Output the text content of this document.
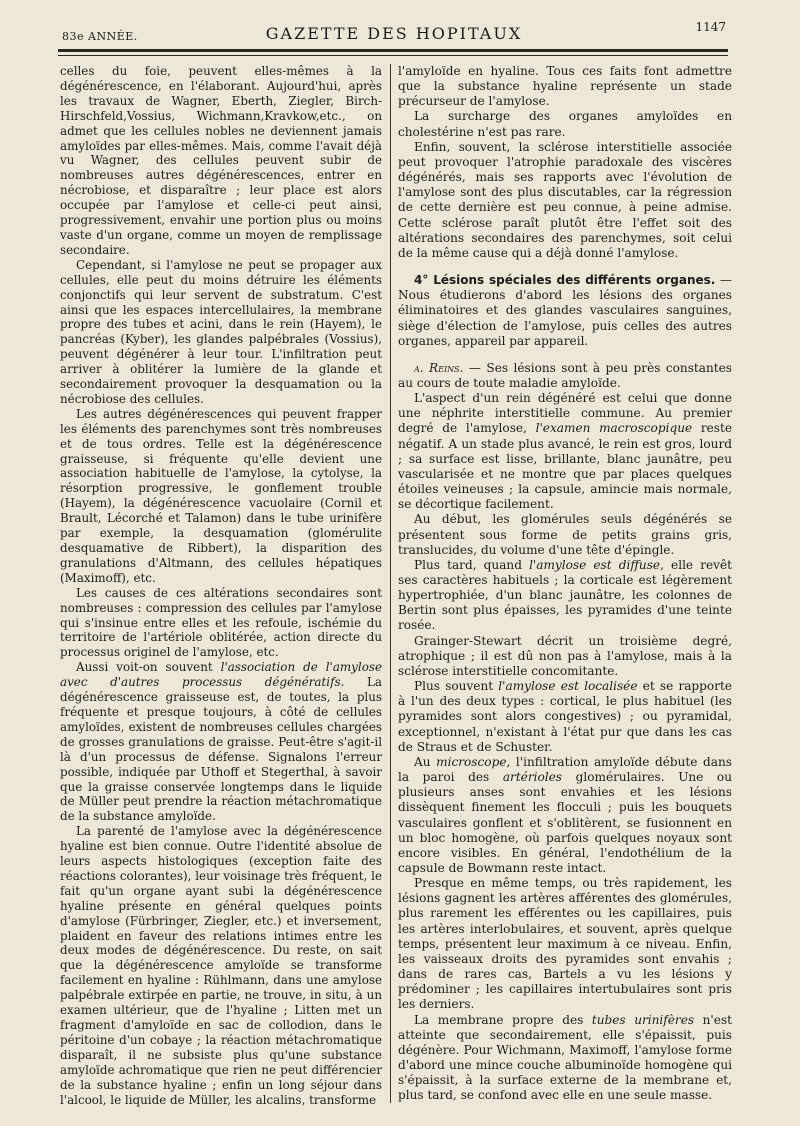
83e ANNÉE.	GAZETTE DES HOPITAUX	1147

celles du foie, peuvent elles-mêmes à la dégénérescence, en l'élaborant. Aujourd'hui, après les travaux de Wagner, Eberth, Ziegler, Birch-Hirschfeld,Vossius, Wichmann,Kravkow,etc., on admet que les cellules nobles ne deviennent jamais amyloïdes par elles-mêmes. Mais, comme l'avait déjà vu Wagner, des cellules peuvent subir de nombreuses autres dégénérescences, entrer en nécrobiose, et disparaître ; leur place est alors occupée par l'amylose et celle-ci peut ainsi, progressivement, envahir une portion plus ou moins vaste d'un organe, comme un moyen de remplissage secondaire.

Cependant, si l'amylose ne peut se propager aux cellules, elle peut du moins détruire les éléments conjonctifs qui leur servent de substratum. C'est ainsi que les espaces intercellulaires, la membrane propre des tubes et acini, dans le rein (Hayem), le pancréas (Kyber), les glandes palpébrales (Vossius), peuvent dégénérer à leur tour. L'infiltration peut arriver à oblitérer la lumière de la glande et secondairement provoquer la desquamation ou la nécrobiose des cellules.

Les autres dégénérescences qui peuvent frapper les éléments des parenchymes sont très nombreuses et de tous ordres. Telle est la dégénérescence graisseuse, si fréquente qu'elle devient une association habituelle de l'amylose, la cytolyse, la résorption progressive, le gonflement trouble (Hayem), la dégénérescence vacuolaire (Cornil et Brault, Lécorché et Talamon) dans le tube urinifère par exemple, la desquamation (glomérulite desquamative de Ribbert), la disparition des granulations d'Altmann, des cellules hépatiques (Maximoff), etc.

Les causes de ces altérations secondaires sont nombreuses : compression des cellules par l'amylose qui s'insinue entre elles et les refoule, ischémie du territoire de l'artériole oblitérée, action directe du processus originel de l'amylose, etc.

Aussi voit-on souvent l'association de l'amylose avec d'autres processus dégénératifs. La dégénérescence graisseuse est, de toutes, la plus fréquente et presque toujours, à côté de cellules amyloïdes, existent de nombreuses cellules chargées de grosses granulations de graisse. Peut-être s'agit-il là d'un processus de défense. Signalons l'erreur possible, indiquée par Uthoff et Stegerthal, à savoir que la graisse conservée longtemps dans le liquide de Müller peut prendre la réaction métachromatique de la substance amyloïde.

La parenté de l'amylose avec la dégénérescence hyaline est bien connue. Outre l'identité absolue de leurs aspects histologiques (exception faite des réactions colorantes), leur voisinage très fréquent, le fait qu'un organe ayant subi la dégénérescence hyaline présente en général quelques points d'amylose (Fürbringer, Ziegler, etc.) et inversement, plaident en faveur des relations intimes entre les deux modes de dégénérescence. Du reste, on sait que la dégénérescence amyloïde se transforme facilement en hyaline : Rühlmann, dans une amylose palpébrale extirpée en partie, ne trouve, in situ, à un examen ultérieur, que de l'hyaline ; Litten met un fragment d'amyloïde en sac de collodion, dans le péritoine d'un cobaye ; la réaction métachromatique disparaît, il ne subsiste plus qu'une substance amyloïde achromatique que rien ne peut différencier de la substance hyaline ; enfin un long séjour dans l'alcool, le liquide de Müller, les alcalins, transforme

l'amyloïde en hyaline. Tous ces faits font admettre que la substance hyaline représente un stade précurseur de l'amylose.

La surcharge des organes amyloïdes en cholestérine n'est pas rare.

Enfin, souvent, la sclérose interstitielle associée peut provoquer l'atrophie paradoxale des viscères dégénérés, mais ses rapports avec l'évolution de l'amylose sont des plus discutables, car la régression de cette dernière est peu connue, à peine admise. Cette sclérose paraît plutôt être l'effet soit des altérations secondaires des parenchymes, soit celui de la même cause qui a déjà donné l'amylose.

4° Lésions spéciales des différents organes. — Nous étudierons d'abord les lésions des organes éliminatoires et des glandes vasculaires sanguines, siège d'élection de l'amylose, puis celles des autres organes, appareil par appareil.

a. Reins. — Ses lésions sont à peu près constantes au cours de toute maladie amyloïde.

L'aspect d'un rein dégénéré est celui que donne une néphrite interstitielle commune. Au premier degré de l'amylose, l'examen macroscopique reste négatif. A un stade plus avancé, le rein est gros, lourd ; sa surface est lisse, brillante, blanc jaunâtre, peu vascularisée et ne montre que par places quelques étoiles veineuses ; la capsule, amincie mais normale, se décortique facilement.

Au début, les glomérules seuls dégénérés se présentent sous forme de petits grains gris, translucides, du volume d'une tête d'épingle.

Plus tard, quand l'amylose est diffuse, elle revêt ses caractères habituels ; la corticale est légèrement hypertrophiée, d'un blanc jaunâtre, les colonnes de Bertin sont plus épaisses, les pyramides d'une teinte rosée.

Grainger-Stewart décrit un troisième degré, atrophique ; il est dû non pas à l'amylose, mais à la sclérose interstitielle concomitante.

Plus souvent l'amylose est localisée et se rapporte à l'un des deux types : cortical, le plus habituel (les pyramides sont alors congestives) ; ou pyramidal, exceptionnel, n'existant à l'état pur que dans les cas de Straus et de Schuster.

Au microscope, l'infiltration amyloïde débute dans la paroi des artérioles glomérulaires. Une ou plusieurs anses sont envahies et les lésions dissèquent finement les flocculi ; puis les bouquets vasculaires gonflent et s'oblitèrent, se fusionnent en un bloc homogène, où parfois quelques noyaux sont encore visibles. En général, l'endothélium de la capsule de Bowmann reste intact.

Presque en même temps, ou très rapidement, les lésions gagnent les artères afférentes des glomérules, plus rarement les efférentes ou les capillaires, puis les artères interlobulaires, et souvent, après quelque temps, présentent leur maximum à ce niveau. Enfin, les vaisseaux droits des pyramides sont envahis ; dans de rares cas, Bartels a vu les lésions y prédominer ; les capillaires intertubulaires sont pris les derniers.

La membrane propre des tubes urinifères n'est atteinte que secondairement, elle s'épaissit, puis dégénère. Pour Wichmann, Maximoff, l'amylose forme d'abord une mince couche albuminoïde homogène qui s'épaissit, à la surface externe de la membrane et, plus tard, se confond avec elle en une seule masse.
